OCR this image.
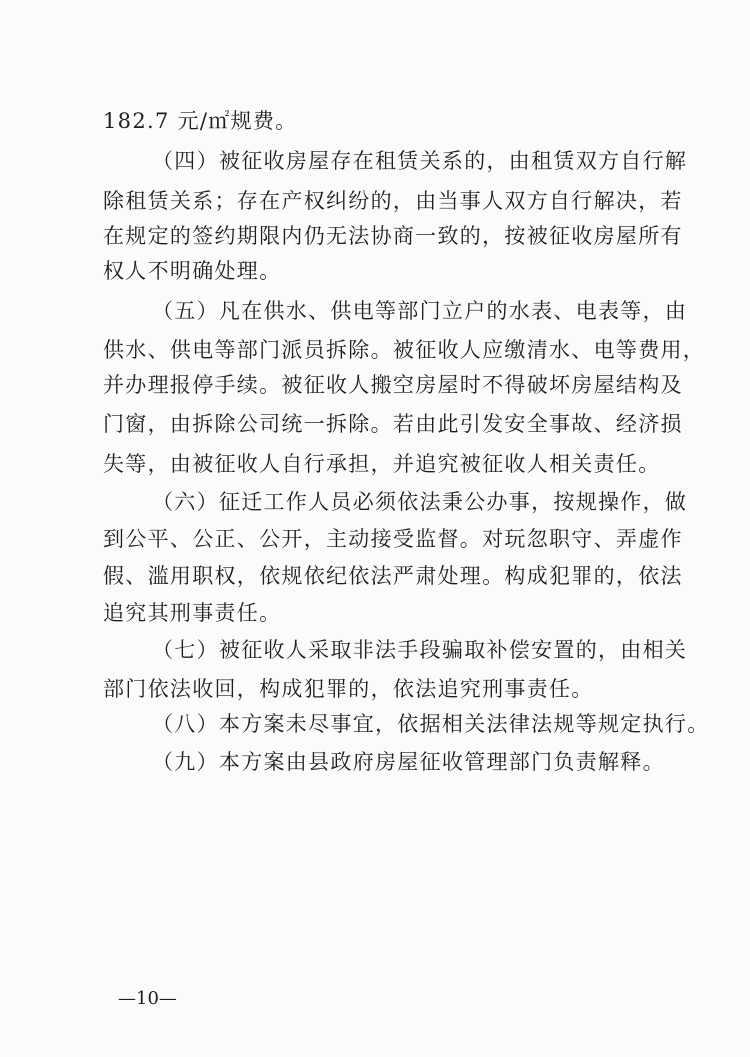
182.7 元/㎡规费。
（四）被征收房屋存在租赁关系的，由租赁双方自行解
除租赁关系；存在产权纠纷的，由当事人双方自行解决，若
在规定的签约期限内仍无法协商一致的，按被征收房屋所有
权人不明确处理。
（五）凡在供水、供电等部门立户的水表、电表等，由
供水、供电等部门派员拆除。被征收人应缴清水、电等费用，
并办理报停手续。被征收人搬空房屋时不得破坏房屋结构及
门窗，由拆除公司统一拆除。若由此引发安全事故、经济损
失等，由被征收人自行承担，并追究被征收人相关责任。
（六）征迁工作人员必须依法秉公办事，按规操作，做
到公平、公正、公开，主动接受监督。对玩忽职守、弄虚作
假、滥用职权，依规依纪依法严肃处理。构成犯罪的，依法
追究其刑事责任。
（七）被征收人采取非法手段骗取补偿安置的，由相关
部门依法收回，构成犯罪的，依法追究刑事责任。
（八）本方案未尽事宜，依据相关法律法规等规定执行。
（九）本方案由县政府房屋征收管理部门负责解释。
—10—
